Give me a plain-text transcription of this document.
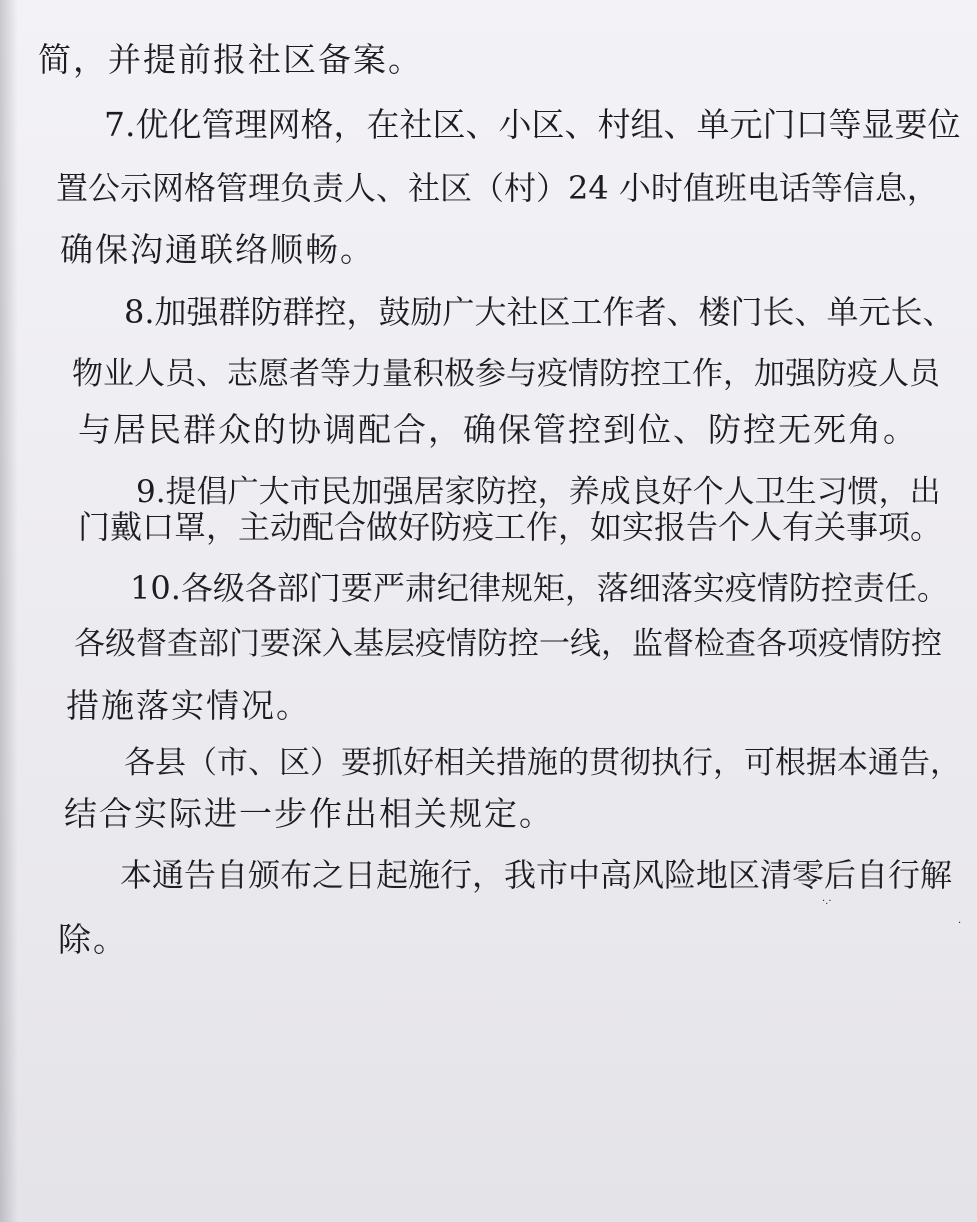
简，并提前报社区备案。
7.优化管理网格，在社区、小区、村组、单元门口等显要位
置公示网格管理负责人、社区（村）24 小时值班电话等信息，
确保沟通联络顺畅。
8.加强群防群控，鼓励广大社区工作者、楼门长、单元长、
物业人员、志愿者等力量积极参与疫情防控工作，加强防疫人员
与居民群众的协调配合，确保管控到位、防控无死角。
9.提倡广大市民加强居家防控，养成良好个人卫生习惯，出
门戴口罩，主动配合做好防疫工作，如实报告个人有关事项。
10.各级各部门要严肃纪律规矩，落细落实疫情防控责任。
各级督查部门要深入基层疫情防控一线，监督检查各项疫情防控
措施落实情况。
各县（市、区）要抓好相关措施的贯彻执行，可根据本通告，
结合实际进一步作出相关规定。
本通告自颁布之日起施行，我市中高风险地区清零后自行解
除。
·.·
·
